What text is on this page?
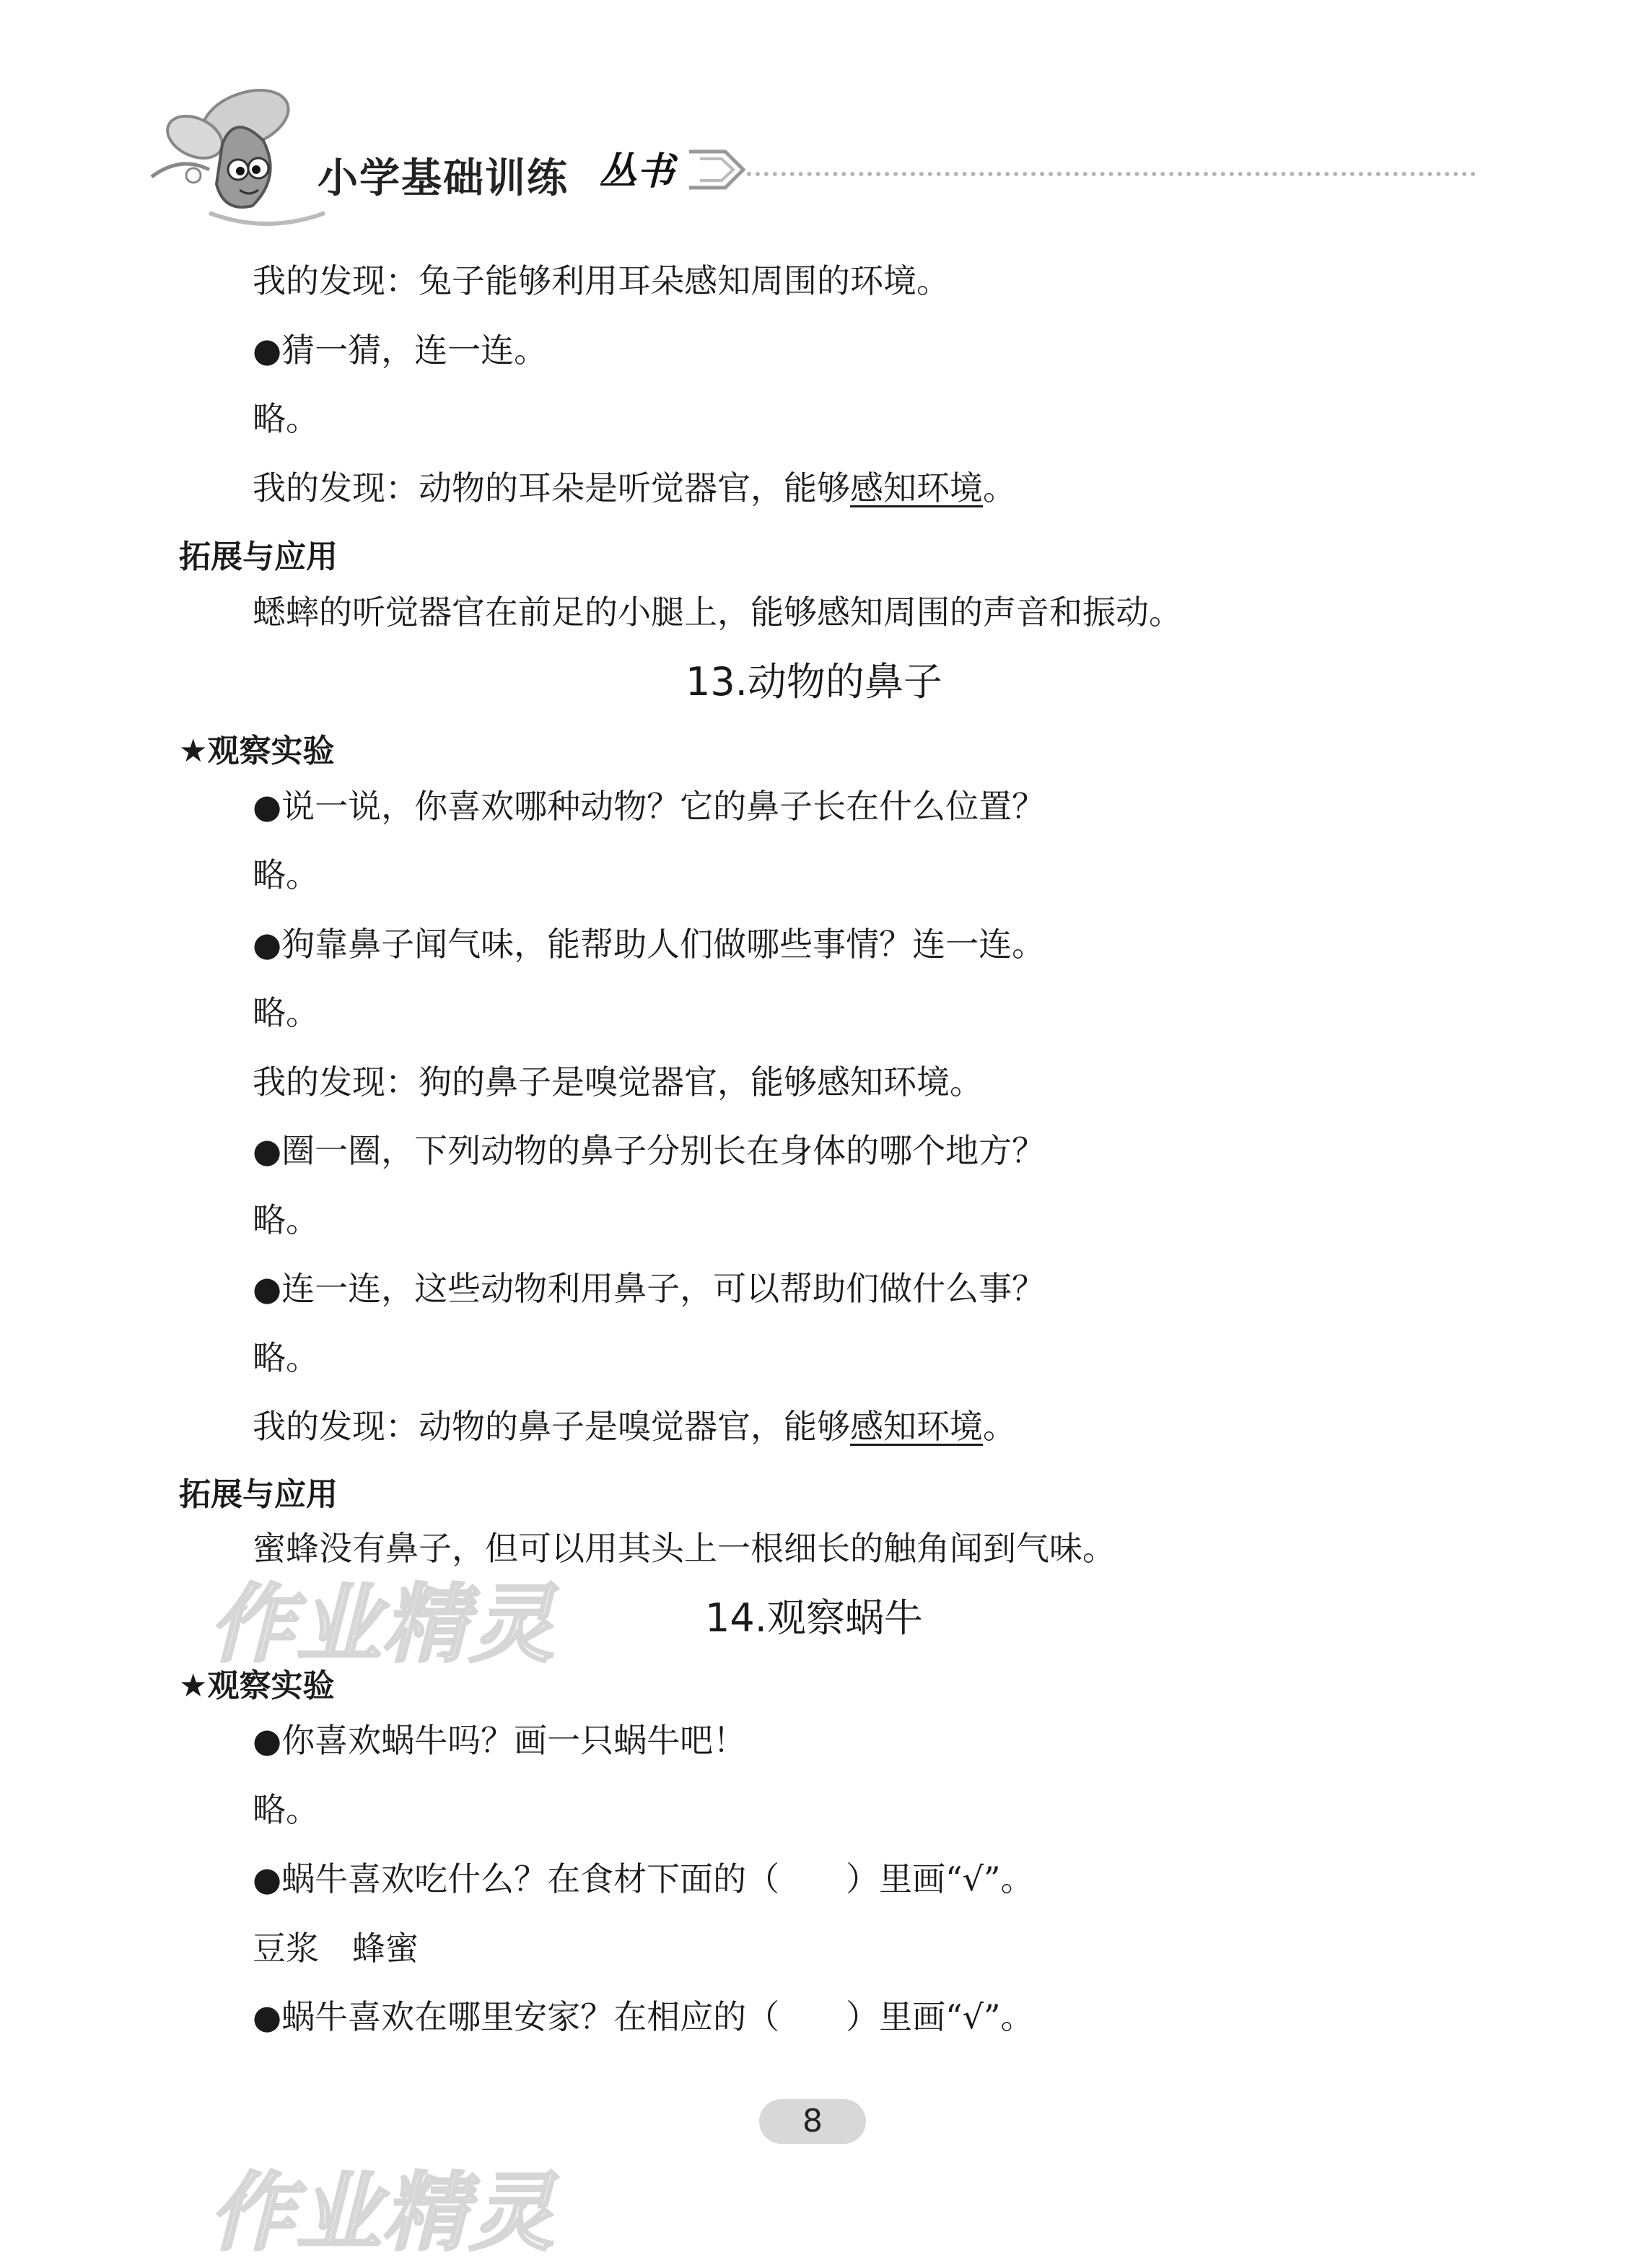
小学基础训练 丛书
我的发现：兔子能够利用耳朵感知周围的环境。
●猜一猜，连一连。
略。
我的发现：动物的耳朵是听觉器官，能够感知环境。
拓展与应用
蟋蟀的听觉器官在前足的小腿上，能够感知周围的声音和振动。
13.动物的鼻子
★观察实验
●说一说，你喜欢哪种动物？它的鼻子长在什么位置？
略。
●狗靠鼻子闻气味，能帮助人们做哪些事情？连一连。
略。
我的发现：狗的鼻子是嗅觉器官，能够感知环境。
●圈一圈，下列动物的鼻子分别长在身体的哪个地方？
略。
●连一连，这些动物利用鼻子，可以帮助们做什么事？
略。
我的发现：动物的鼻子是嗅觉器官，能够感知环境。
拓展与应用
蜜蜂没有鼻子，但可以用其头上一根细长的触角闻到气味。
14.观察蜗牛
★观察实验
●你喜欢蜗牛吗？画一只蜗牛吧！
略。
●蜗牛喜欢吃什么？在食材下面的（　　）里画“√”。
豆浆　蜂蜜
●蜗牛喜欢在哪里安家？在相应的（　　）里画“√”。
作业精灵
作业精灵
8
